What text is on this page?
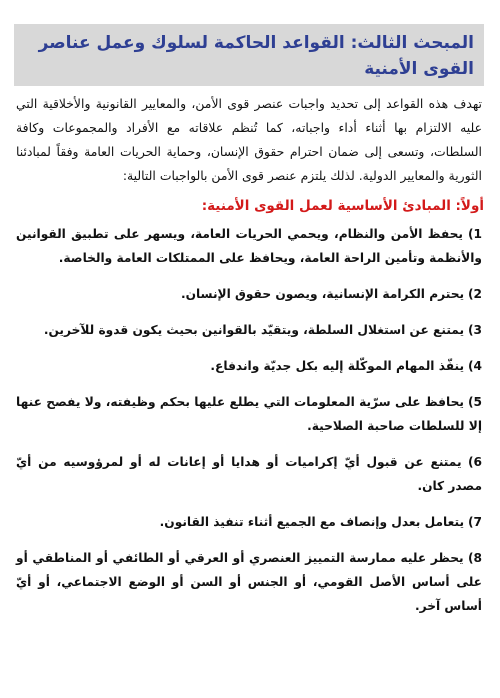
المبحث الثالث: القواعد الحاكمة لسلوك وعمل عناصر القوى الأمنية

تهدف هذه القواعد إلى تحديد واجبات عنصر قوى الأمن، والمعايير القانونية والأخلاقية التي عليه الالتزام بها أثناء أداء واجباته، كما تُنظم علاقاته مع الأفراد والمجموعات وكافة السلطات، وتسعى إلى ضمان احترام حقوق الإنسان، وحماية الحريات العامة وفقاً لمبادئنا الثورية والمعايير الدولية. لذلك يلتزم عنصر قوى الأمن بالواجبات التالية:

أولاً: المبادئ الأساسية لعمل القوى الأمنية:

1) يحفظ الأمن والنظام، ويحمي الحريات العامة، ويسهر على تطبيق القوانين والأنظمة وتأمين الراحة العامة، ويحافظ على الممتلكات العامة والخاصة.

2) يحترم الكرامة الإنسانية، ويصون حقوق الإنسان.

3) يمتنع عن استغلال السلطة، ويتقيّد بالقوانين بحيث يكون قدوة للآخرين.

4) ينفّذ المهام الموكّلة إليه بكل جديّة واندفاع.

5) يحافظ على سرّية المعلومات التي يطلع عليها بحكم وظيفته، ولا يفصح عنها إلا للسلطات صاحبة الصلاحية.

6) يمتنع عن قبول أيّ إكراميات أو هدايا أو إعانات له أو لمرؤوسيه من أيّ مصدر كان.

7) يتعامل بعدل وإنصاف مع الجميع أثناء تنفيذ القانون.

8) يحظر عليه ممارسة التمييز العنصري أو العرقي أو الطائفي أو المناطقي أو على أساس الأصل القومي، أو الجنس أو السن أو الوضع الاجتماعي، أو أيّ أساس آخر.
